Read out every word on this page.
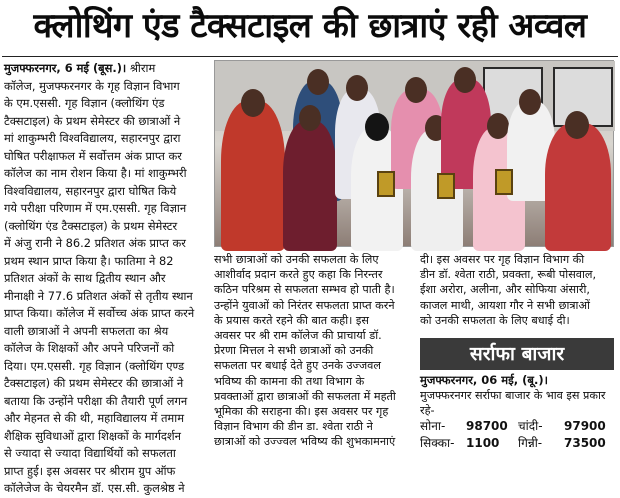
क्लोथिंग एंड टैक्सटाइल की छात्राएं रही अव्वल
मुजफ्फरनगर, 6 मई (बूस.)। श्रीराम
कॉलेज, मुजफ्फरनगर के गृह विज्ञान विभाग
के एम.एससी. गृह विज्ञान (क्लोथिंग एंड
टैक्सटाइल) के प्रथम सेमेस्टर की छात्राओं ने
मां शाकुम्भरी विश्वविद्यालय, सहारनपुर द्वारा
घोषित परीक्षाफल में सर्वोत्तम अंक प्राप्त कर
कॉलेज का नाम रोशन किया है। मां शाकुम्भरी
विश्वविद्यालय, सहारनपुर द्वारा घोषित किये
गये परीक्षा परिणाम में एम.एससी. गृह विज्ञान
(क्लोथिंग एंड टैक्सटाइल) के प्रथम सेमेस्टर
में अंजु रानी ने 86.2 प्रतिशत अंक प्राप्त कर
प्रथम स्थान प्राप्त किया है। फातिमा ने 82
प्रतिशत अंकों के साथ द्वितीय स्थान और
मीनाक्षी ने 77.6 प्रतिशत अंकों से तृतीय स्थान
प्राप्त किया। कॉलेज में सर्वोच्च अंक प्राप्त करने
वाली छात्राओं ने अपनी सफलता का श्रेय
कॉलेज के शिक्षकों और अपने परिजनों को
दिया। एम.एससी. गृह विज्ञान (क्लोथिंग एण्ड
टैक्सटाइल) की प्रथम सेमेस्टर की छात्राओं ने
बताया कि उन्होंने परीक्षा की तैयारी पूर्ण लगन
और मेहनत से की थी, महाविद्यालय में तमाम
शैक्षिक सुविधाओं द्वारा शिक्षकों के मार्गदर्शन
से ज्यादा से ज्यादा विद्यार्थियों को सफलता
प्राप्त हुई। इस अवसर पर श्रीराम ग्रुप ऑफ
कॉलेजेज के चेयरमैन डॉ. एस.सी. कुलश्रेष्ठ ने
सभी छात्राओं को उनकी सफलता के लिए
आशीर्वाद प्रदान करते हुए कहा कि निरन्तर
कठिन परिश्रम से सफलता सम्भव हो पाती है।
उन्होंने युवाओं को निरंतर सफलता प्राप्त करने
के प्रयास करते रहने की बात कही। इस
अवसर पर श्री राम कॉलेज की प्राचार्या डॉ.
प्रेरणा मित्तल ने सभी छात्राओं को उनकी
सफलता पर बधाई देते हुए उनके उज्जवल
भविष्य की कामना की तथा विभाग के
प्रवक्ताओं द्वारा छात्राओं की सफलता में महती
भूमिका की सराहना की। इस अवसर पर गृह
विज्ञान विभाग की डीन डा. श्वेता राठी ने
छात्राओं को उज्ज्वल भविष्य की शुभकामनाएं
दी। इस अवसर पर गृह विज्ञान विभाग की
डीन डॉ. श्वेता राठी, प्रवक्ता, रूबी पोसवाल,
ईशा अरोरा, अलीना, और सोफिया अंसारी,
काजल माथी, आयशा गौर ने सभी छात्राओं
को उनकी सफलता के लिए बधाई दी।
सर्राफा बाजार
मुजफ्फरनगर, 06 मई, (बू.)।
मुजफ्फरनगर सर्राफा बाजार के भाव इस प्रकार
रहे-
सोना-	98700 चांदी-	97900
सिक्का- 1100 गिन्नी-	73500
